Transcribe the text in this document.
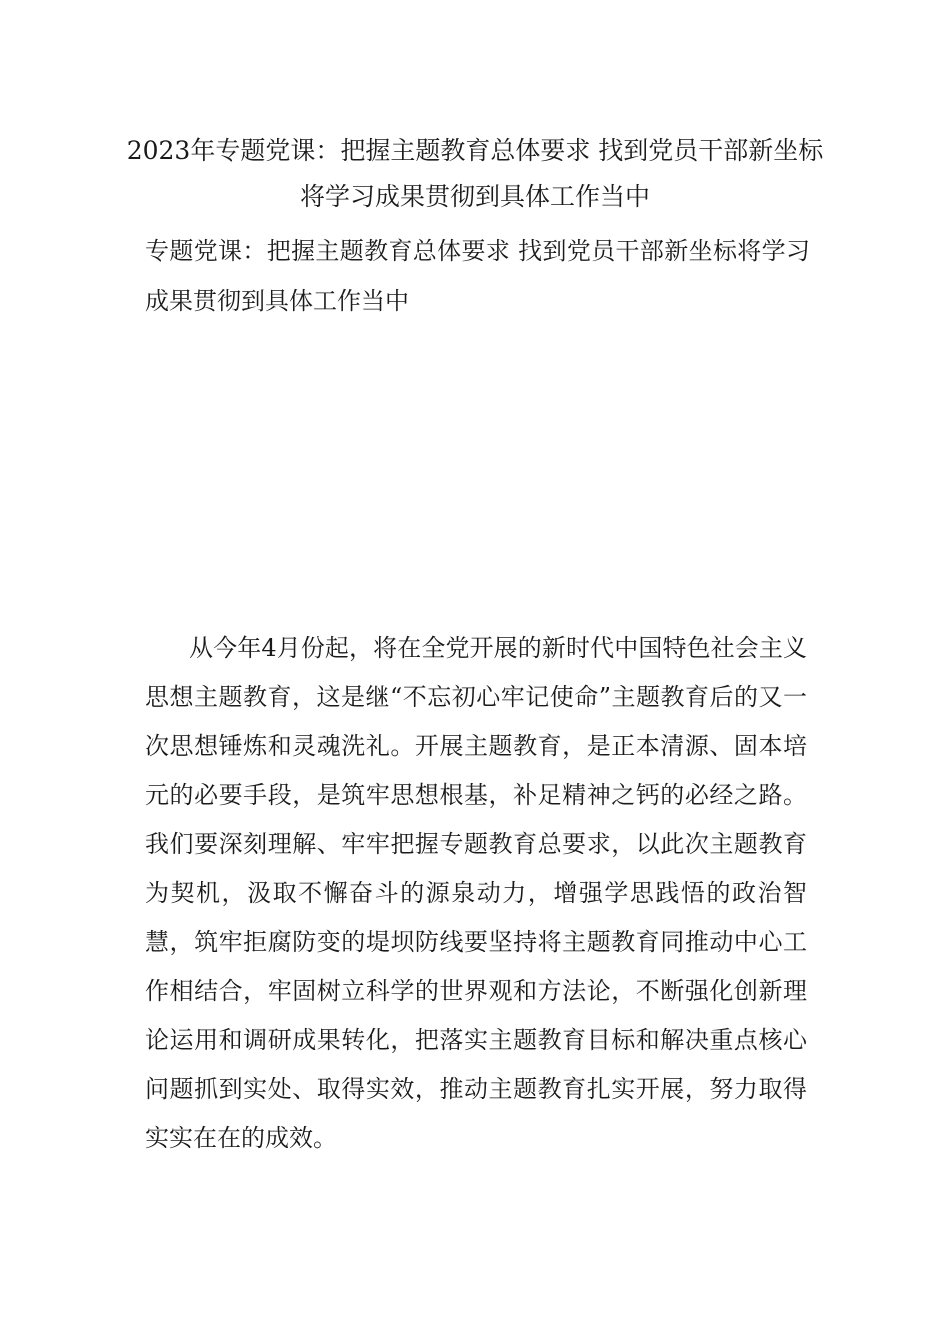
2023年专题党课：把握主题教育总体要求 找到党员干部新坐标 将学习成果贯彻到具体工作当中

专题党课：把握主题教育总体要求 找到党员干部新坐标将学习成果贯彻到具体工作当中

从今年4月份起，将在全党开展的新时代中国特色社会主义思想主题教育，这是继“不忘初心牢记使命”主题教育后的又一次思想锤炼和灵魂洗礼。开展主题教育，是正本清源、固本培元的必要手段，是筑牢思想根基，补足精神之钙的必经之路。我们要深刻理解、牢牢把握专题教育总要求，以此次主题教育为契机，汲取不懈奋斗的源泉动力，增强学思践悟的政治智慧，筑牢拒腐防变的堤坝防线要坚持将主题教育同推动中心工作相结合，牢固树立科学的世界观和方法论，不断强化创新理论运用和调研成果转化，把落实主题教育目标和解决重点核心问题抓到实处、取得实效，推动主题教育扎实开展，努力取得实实在在的成效。
